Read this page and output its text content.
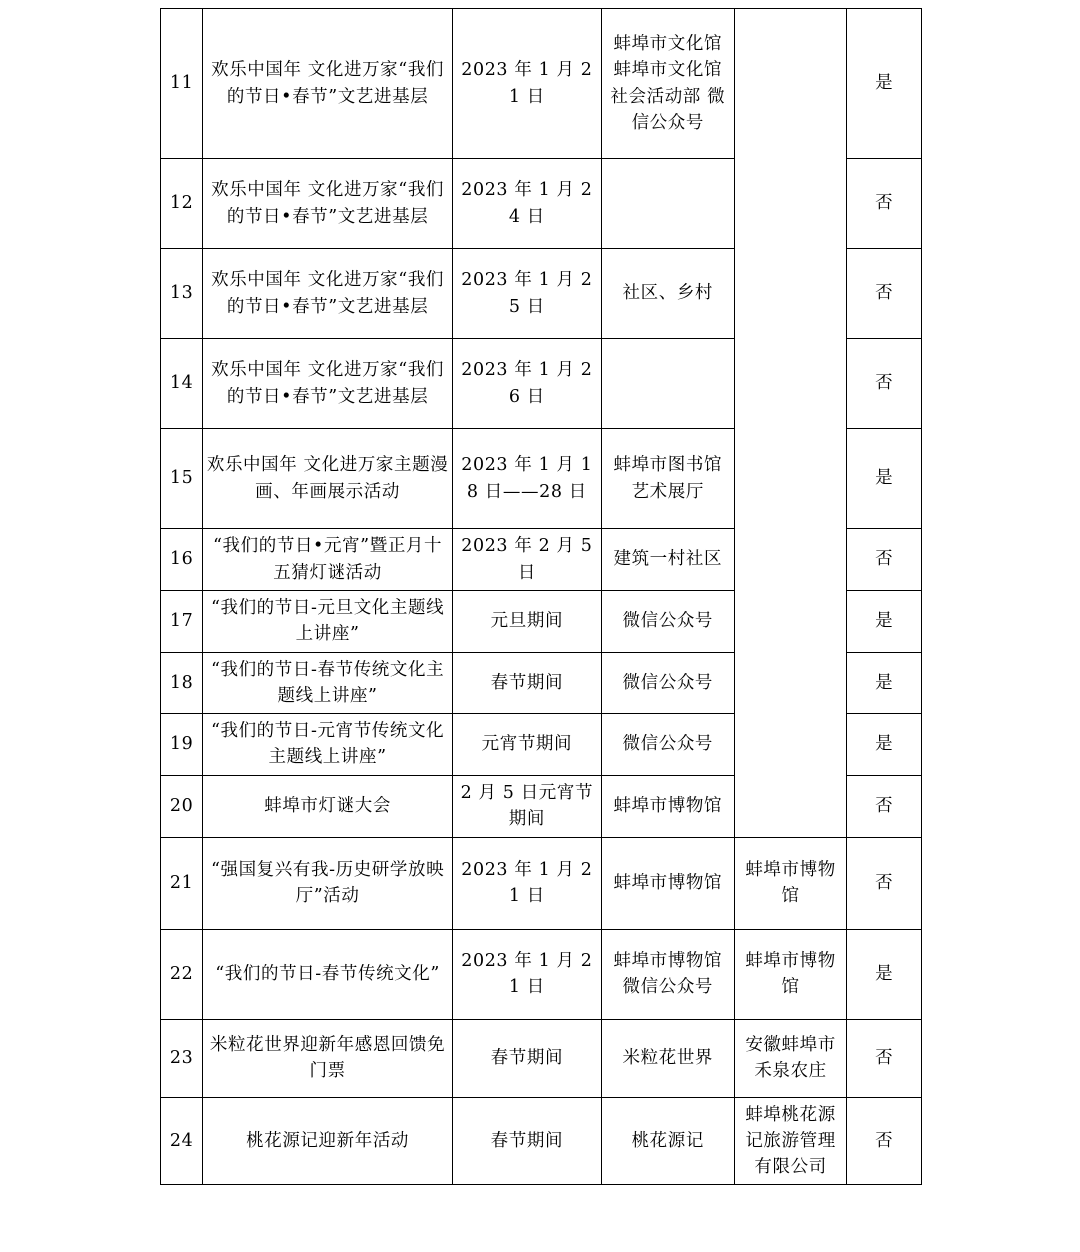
11	欢乐中国年 文化进万家“我们的节日•春节”文艺进基层	2023 年 1 月 21 日	蚌埠市文化馆 蚌埠市文化馆社会活动部 微信公众号		是
12	欢乐中国年 文化进万家“我们的节日•春节”文艺进基层	2023 年 1 月 24 日			否
13	欢乐中国年 文化进万家“我们的节日•春节”文艺进基层	2023 年 1 月 25 日	社区、乡村		否
14	欢乐中国年 文化进万家“我们的节日•春节”文艺进基层	2023 年 1 月 26 日			否
15	欢乐中国年 文化进万家主题漫画、年画展示活动	2023 年 1 月 18 日——28 日	蚌埠市图书馆 艺术展厅		是
16	“我们的节日•元宵”暨正月十五猜灯谜活动	2023 年 2 月 5 日	建筑一村社区		否
17	“我们的节日-元旦文化主题线上讲座”	元旦期间	微信公众号		是
18	“我们的节日-春节传统文化主题线上讲座”	春节期间	微信公众号		是
19	“我们的节日-元宵节传统文化主题线上讲座”	元宵节期间	微信公众号		是
20	蚌埠市灯谜大会	2 月 5 日元宵节期间	蚌埠市博物馆		否
21	“强国复兴有我-历史研学放映厅”活动	2023 年 1 月 21 日	蚌埠市博物馆	蚌埠市博物馆	否
22	“我们的节日-春节传统文化”	2023 年 1 月 21 日	蚌埠市博物馆微信公众号	蚌埠市博物馆	是
23	米粒花世界迎新年感恩回馈免门票	春节期间	米粒花世界	安徽蚌埠市禾泉农庄	否
24	桃花源记迎新年活动	春节期间	桃花源记	蚌埠桃花源记旅游管理有限公司	否
